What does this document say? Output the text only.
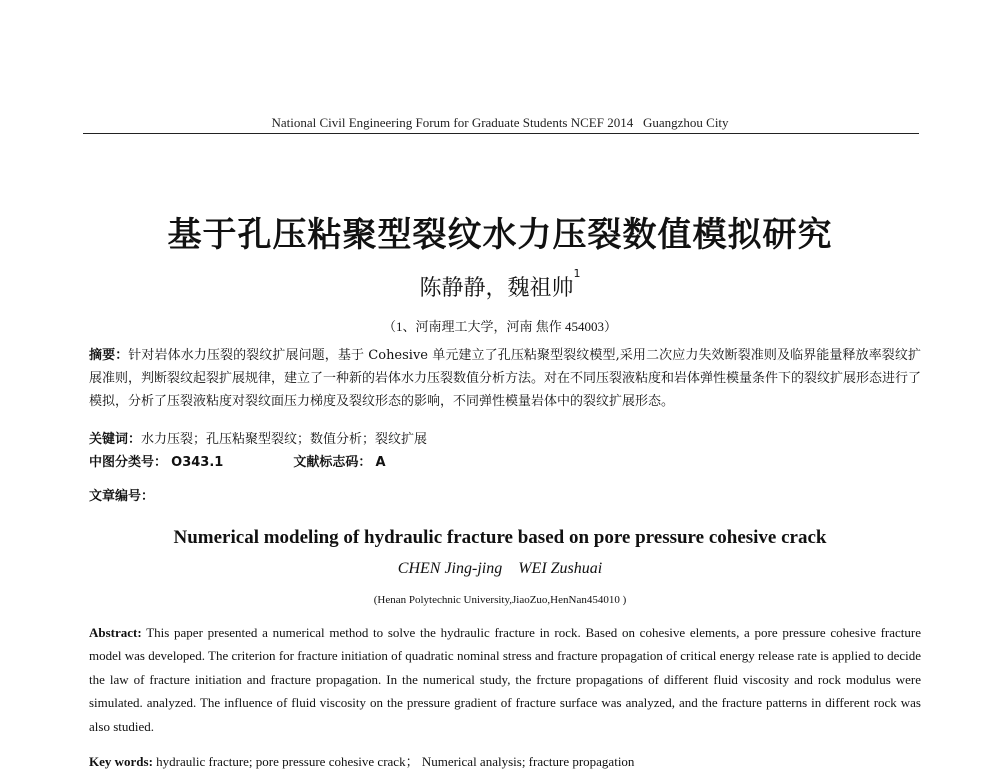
National Civil Engineering Forum for Graduate Students NCEF 2014   Guangzhou City
基于孔压粘聚型裂纹水力压裂数值模拟研究
陈静静，魏祖帅$^1$
（1、河南理工大学，河南 焦作 454003）
摘要：针对岩体水力压裂的裂纹扩展问题，基于 Cohesive 单元建立了孔压粘聚型裂纹模型,采用二次应力失效断裂准则及临界能量释放率裂纹扩展准则，判断裂纹起裂扩展规律，建立了一种新的岩体水力压裂数值分析方法。对在不同压裂液粘度和岩体弹性模量条件下的裂纹扩展形态进行了模拟，分析了压裂液粘度对裂纹面压力梯度及裂纹形态的影响，不同弹性模量岩体中的裂纹扩展形态。
关键词：水力压裂；孔压粘聚型裂纹；数值分析；裂纹扩展
中图分类号： O343.1	文献标志码： A
文章编号：
Numerical modeling of hydraulic fracture based on pore pressure cohesive crack
CHEN Jing-jing    WEI Zushuai
(Henan Polytechnic University,JiaoZuo,HenNan454010 )
Abstract: This paper presented a numerical method to solve the hydraulic fracture in rock. Based on cohesive elements, a pore pressure cohesive fracture model was developed. The criterion for fracture initiation of quadratic nominal stress and fracture propagation of critical energy release rate is applied to decide the law of fracture initiation and fracture propagation. In the numerical study, the frcture propagations of different fluid viscosity and rock modulus were simulated. analyzed. The influence of fluid viscosity on the pressure gradient of fracture surface was analyzed, and the fracture patterns in different rock was also studied.
Key words: hydraulic fracture; pore pressure cohesive crack； Numerical analysis; fracture propagation
